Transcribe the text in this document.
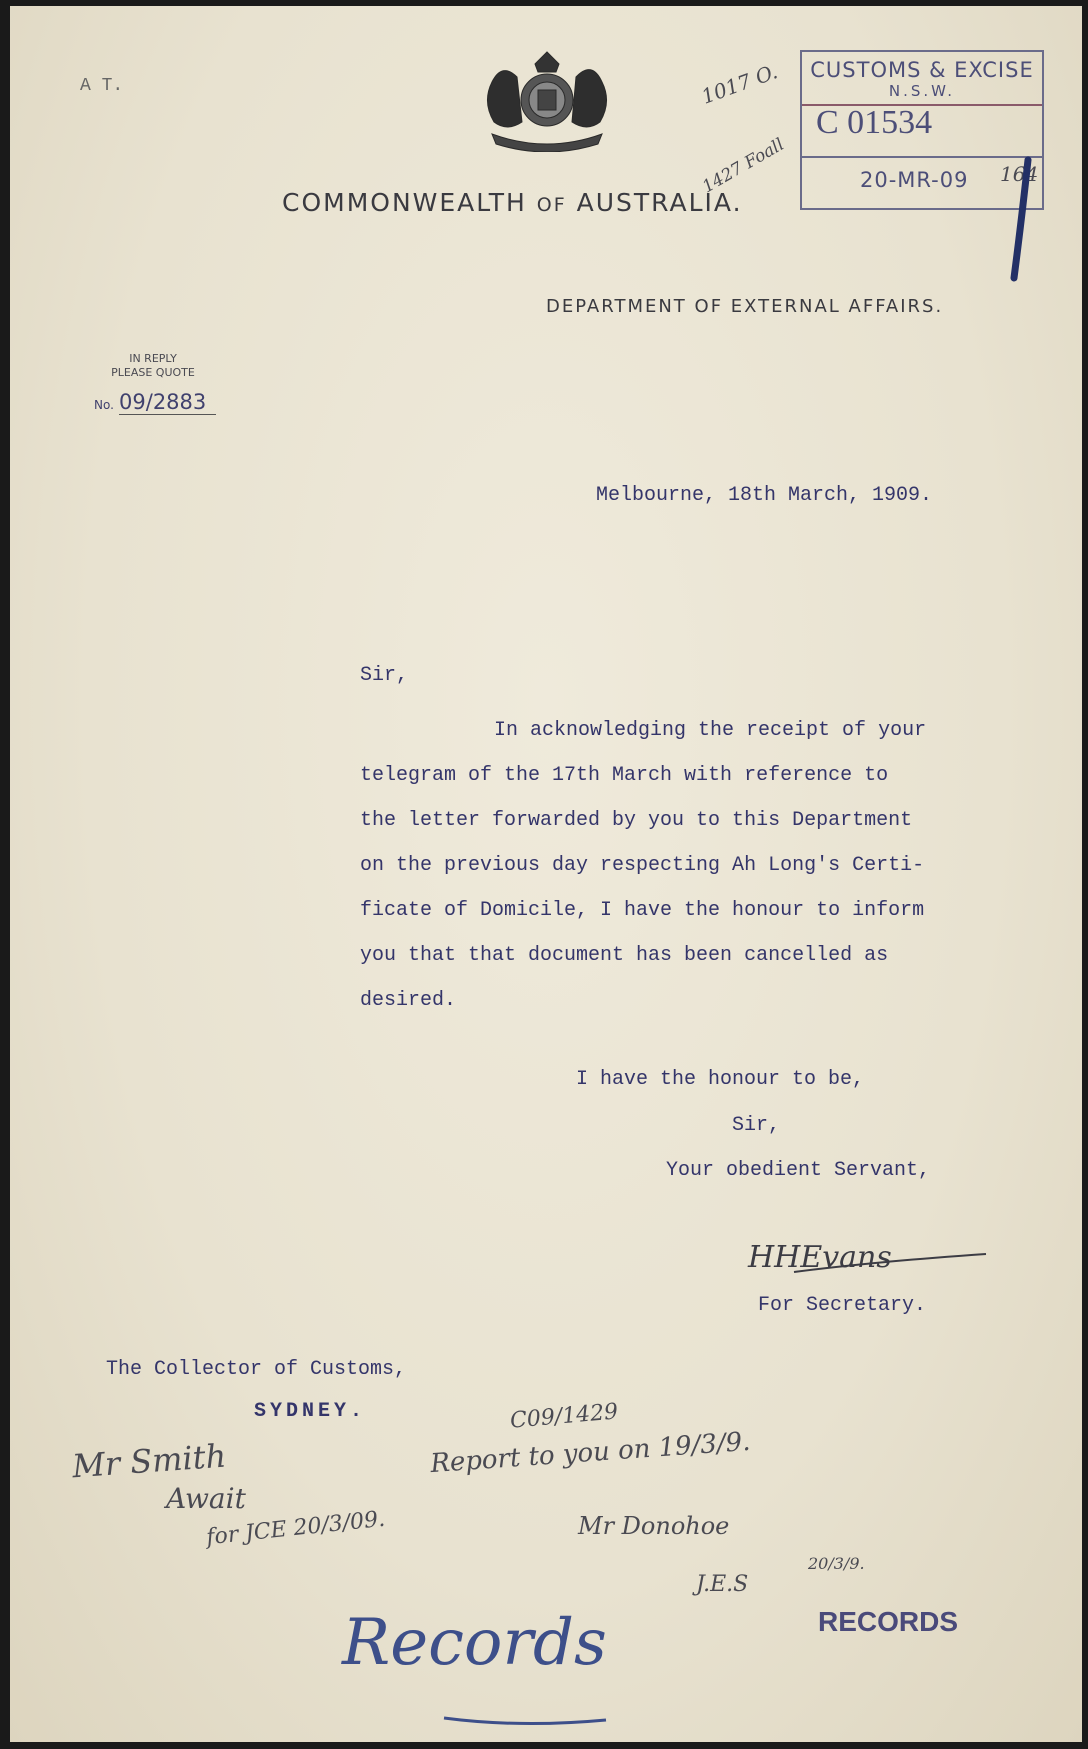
A T.
COMMONWEALTH OF AUSTRALIA.
DEPARTMENT OF EXTERNAL AFFAIRS.
1017 O.
1427 Foall
CUSTOMS & EXCISE
N.S.W.
C 01534
20-MR-09 164
IN REPLY
PLEASE QUOTE
No. 09/2883
Melbourne, 18th March, 1909.
Sir,
In acknowledging the receipt of your
telegram of the 17th March with reference to
the letter forwarded by you to this Department
on the previous day respecting Ah Long's Certi-
ficate of Domicile, I have the honour to inform
you that that document has been cancelled as
desired.
I have the honour to be,
Sir,
Your obedient Servant,
HHEvans
For Secretary.
The Collector of Customs,
SYDNEY.	C09/1429
Report to you on 19/3/9.
Mr Smith
Await
for JCE 20/3/09.	Mr Donohoe
J.E.S
20/3/9.
RECORDS
Records
